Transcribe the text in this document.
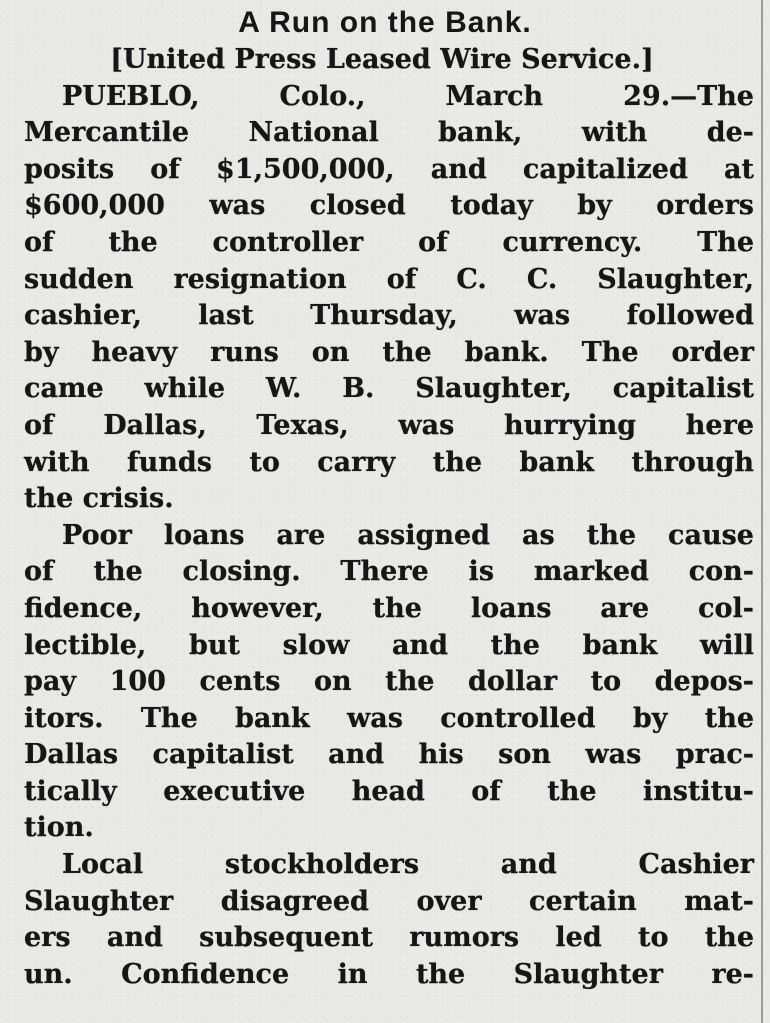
A Run on the Bank.
[United Press Leased Wire Service.]
PUEBLO, Colo., March 29.—The
Mercantile National bank, with de-
posits of $1,500,000, and capitalized at
$600,000 was closed today by orders
of the controller of currency. The
sudden resignation of C. C. Slaughter,
cashier, last Thursday, was followed
by heavy runs on the bank. The order
came while W. B. Slaughter, capitalist
of Dallas, Texas, was hurrying here
with funds to carry the bank through
the crisis.
Poor loans are assigned as the cause
of the closing. There is marked con-
fidence, however, the loans are col-
lectible, but slow and the bank will
pay 100 cents on the dollar to depos-
itors. The bank was controlled by the
Dallas capitalist and his son was prac-
tically executive head of the institu-
tion.
Local stockholders and Cashier
Slaughter disagreed over certain mat-
ers and subsequent rumors led to the
un. Confidence in the Slaughter re-
